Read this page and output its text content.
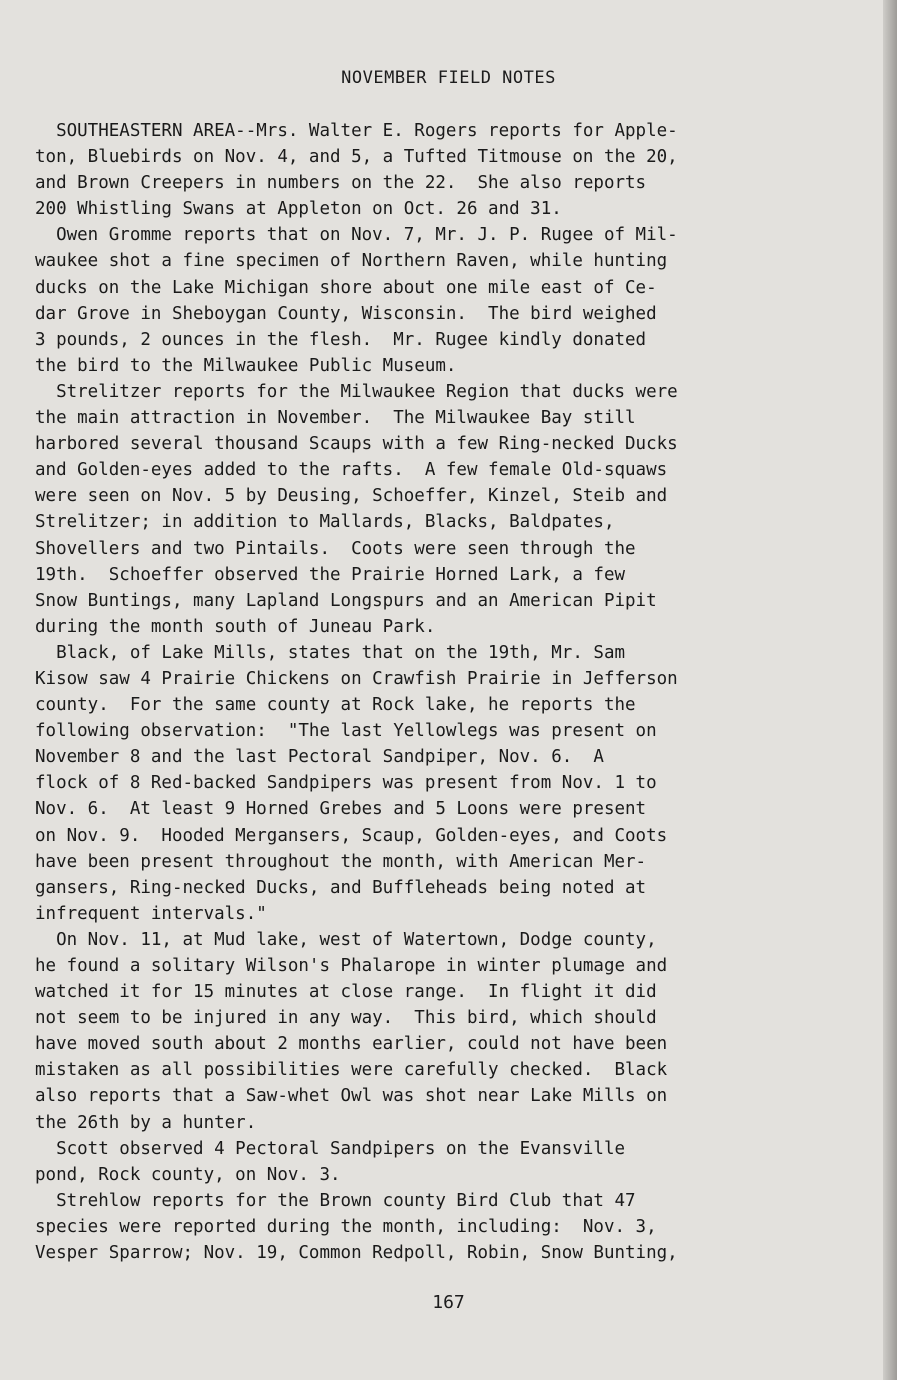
NOVEMBER FIELD NOTES
SOUTHEASTERN AREA--Mrs. Walter E. Rogers reports for Apple-
ton, Bluebirds on Nov. 4, and 5, a Tufted Titmouse on the 20,
and Brown Creepers in numbers on the 22.  She also reports
200 Whistling Swans at Appleton on Oct. 26 and 31.
Owen Gromme reports that on Nov. 7, Mr. J. P. Rugee of Mil-
waukee shot a fine specimen of Northern Raven, while hunting
ducks on the Lake Michigan shore about one mile east of Ce-
dar Grove in Sheboygan County, Wisconsin.  The bird weighed
3 pounds, 2 ounces in the flesh.  Mr. Rugee kindly donated
the bird to the Milwaukee Public Museum.
Strelitzer reports for the Milwaukee Region that ducks were
the main attraction in November.  The Milwaukee Bay still
harbored several thousand Scaups with a few Ring-necked Ducks
and Golden-eyes added to the rafts.  A few female Old-squaws
were seen on Nov. 5 by Deusing, Schoeffer, Kinzel, Steib and
Strelitzer; in addition to Mallards, Blacks, Baldpates,
Shovellers and two Pintails.  Coots were seen through the
19th.  Schoeffer observed the Prairie Horned Lark, a few
Snow Buntings, many Lapland Longspurs and an American Pipit
during the month south of Juneau Park.
Black, of Lake Mills, states that on the 19th, Mr. Sam
Kisow saw 4 Prairie Chickens on Crawfish Prairie in Jefferson
county.  For the same county at Rock lake, he reports the
following observation:  "The last Yellowlegs was present on
November 8 and the last Pectoral Sandpiper, Nov. 6.  A
flock of 8 Red-backed Sandpipers was present from Nov. 1 to
Nov. 6.  At least 9 Horned Grebes and 5 Loons were present
on Nov. 9.  Hooded Mergansers, Scaup, Golden-eyes, and Coots
have been present throughout the month, with American Mer-
gansers, Ring-necked Ducks, and Buffleheads being noted at
infrequent intervals."
On Nov. 11, at Mud lake, west of Watertown, Dodge county,
he found a solitary Wilson's Phalarope in winter plumage and
watched it for 15 minutes at close range.  In flight it did
not seem to be injured in any way.  This bird, which should
have moved south about 2 months earlier, could not have been
mistaken as all possibilities were carefully checked.  Black
also reports that a Saw-whet Owl was shot near Lake Mills on
the 26th by a hunter.
Scott observed 4 Pectoral Sandpipers on the Evansville
pond, Rock county, on Nov. 3.
Strehlow reports for the Brown county Bird Club that 47
species were reported during the month, including:  Nov. 3,
Vesper Sparrow; Nov. 19, Common Redpoll, Robin, Snow Bunting,
167
